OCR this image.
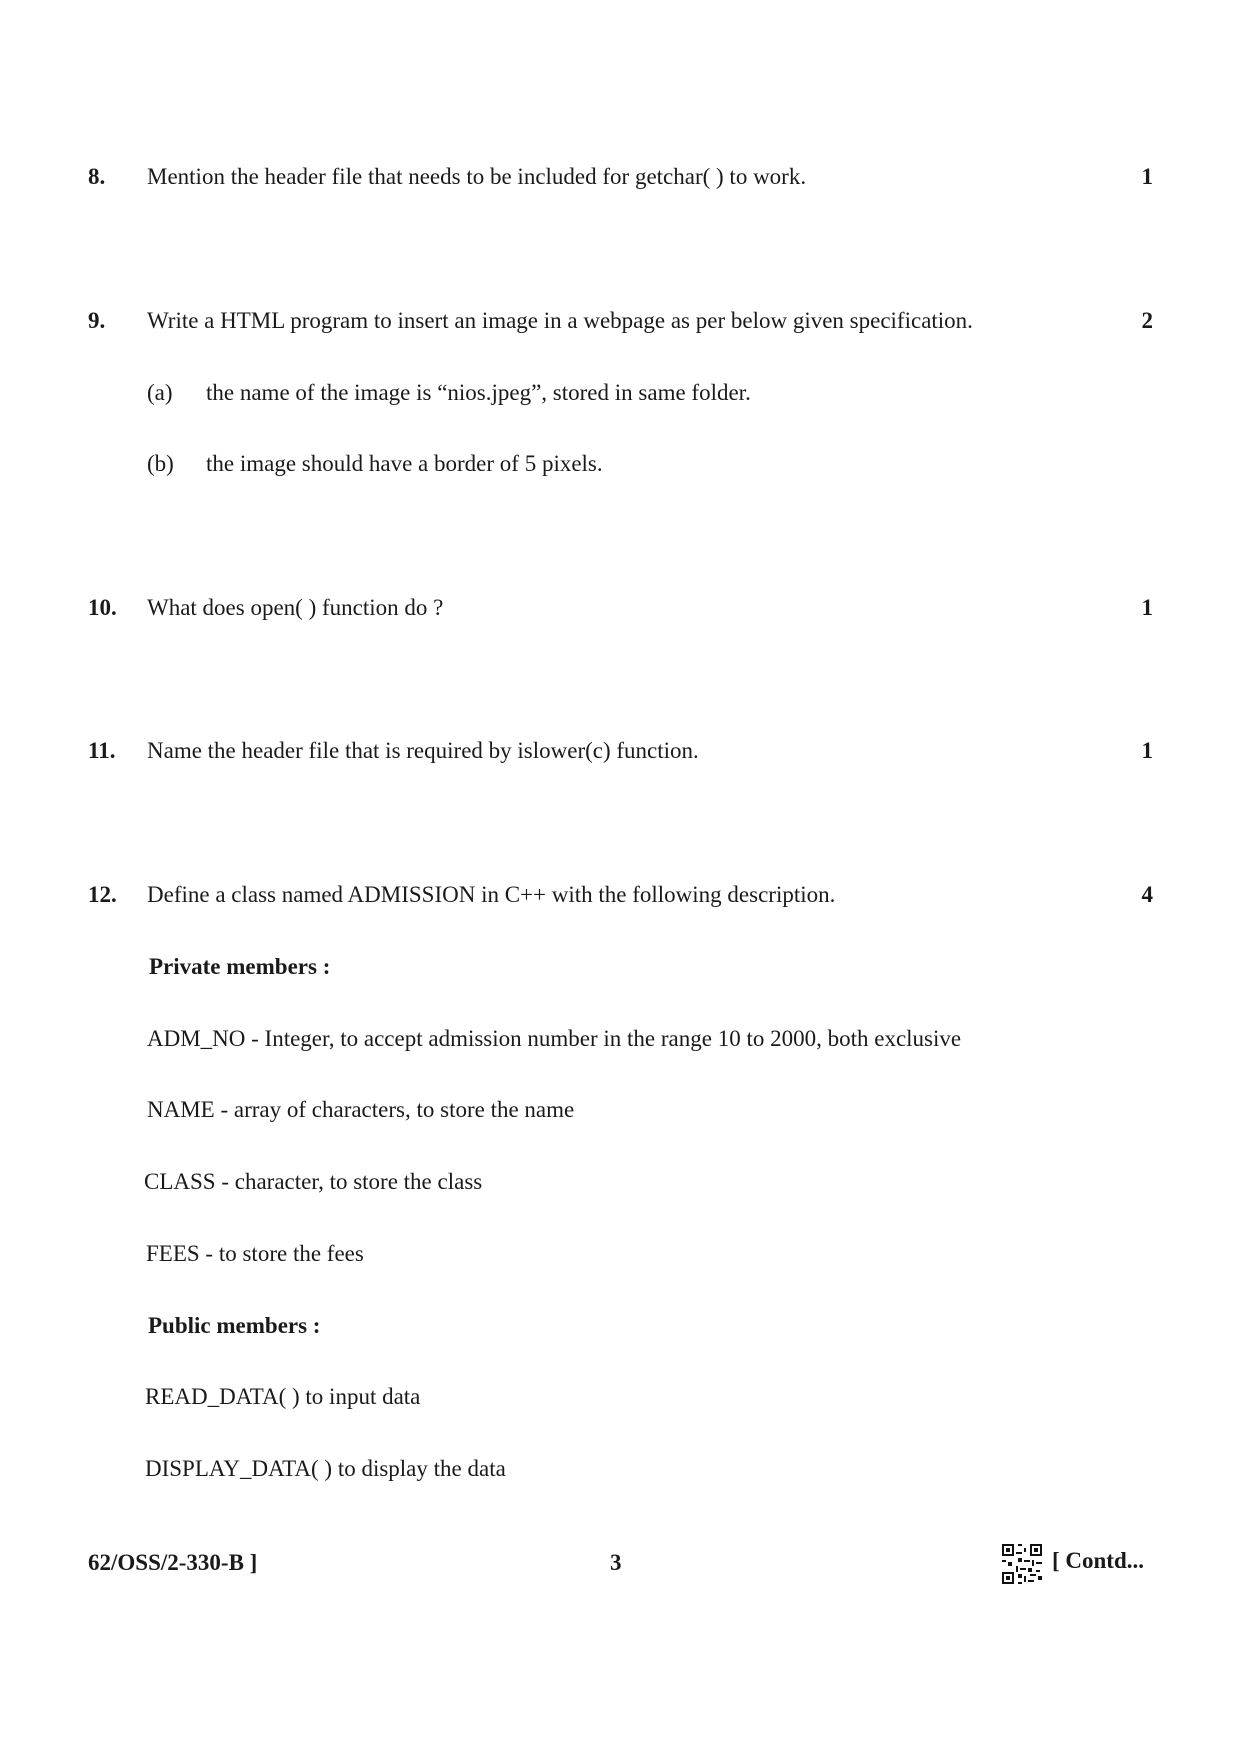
8. Mention the header file that needs to be included for getchar( ) to work.	1
9. Write a HTML program to insert an image in a webpage as per below given specification.	2
(a) the name of the image is “nios.jpeg”, stored in same folder.
(b) the image should have a border of 5 pixels.
10. What does open( ) function do ?	1
11. Name the header file that is required by islower(c) function.	1
12. Define a class named ADMISSION in C++ with the following description.	4
Private members :
ADM_NO - Integer, to accept admission number in the range 10 to 2000, both exclusive
NAME - array of characters, to store the name
CLASS - character, to store the class
FEES - to store the fees
Public members :
READ_DATA( ) to input data
DISPLAY_DATA( ) to display the data
62/OSS/2-330-B ]	3	[ Contd...
